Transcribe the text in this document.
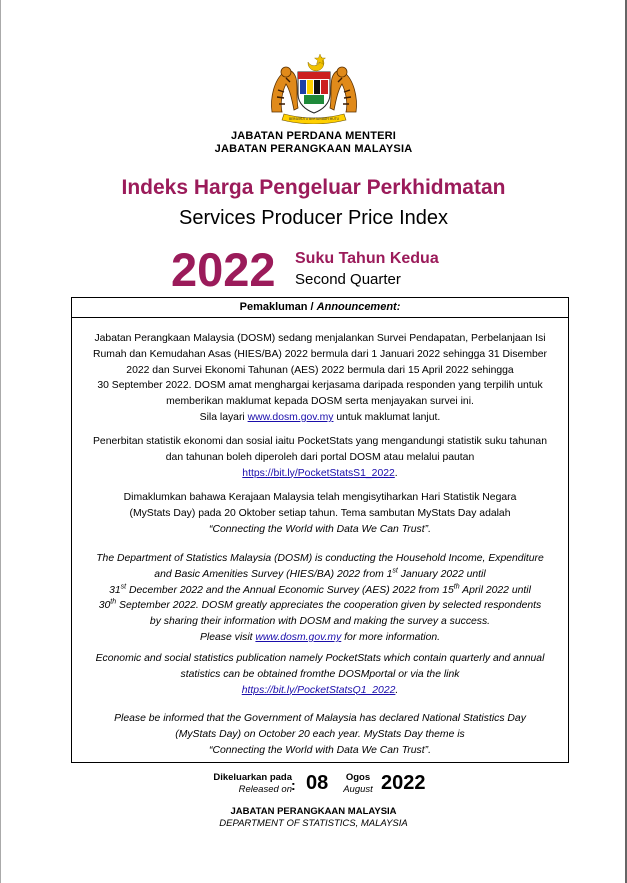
BERSEKUTU BERTAMBAH MUTU
JABATAN PERDANA MENTERI
JABATAN PERANGKAAN MALAYSIA
Indeks Harga Pengeluar Perkhidmatan
Services Producer Price Index
2022 Suku Tahun Kedua
Second Quarter
Pemakluman / Announcement:
Jabatan Perangkaan Malaysia (DOSM) sedang menjalankan Survei Pendapatan, Perbelanjaan Isi
Rumah dan Kemudahan Asas (HIES/BA) 2022 bermula dari 1 Januari 2022 sehingga 31 Disember
2022 dan Survei Ekonomi Tahunan (AES) 2022 bermula dari 15 April 2022 sehingga
30 September 2022. DOSM amat menghargai kerjasama daripada responden yang terpilih untuk
memberikan maklumat kepada DOSM serta menjayakan survei ini.
Sila layari www.dosm.gov.my untuk maklumat lanjut.
Penerbitan statistik ekonomi dan sosial iaitu PocketStats yang mengandungi statistik suku tahunan
dan tahunan boleh diperoleh dari portal DOSM atau melalui pautan
https://bit.ly/PocketStatsS1_2022.
Dimaklumkan bahawa Kerajaan Malaysia telah mengisytiharkan Hari Statistik Negara
(MyStats Day) pada 20 Oktober setiap tahun. Tema sambutan MyStats Day adalah
“Connecting the World with Data We Can Trust”.
The Department of Statistics Malaysia (DOSM) is conducting the Household Income, Expenditure
and Basic Amenities Survey (HIES/BA) 2022 from 1st January 2022 until
31st December 2022 and the Annual Economic Survey (AES) 2022 from 15th April 2022 until
30th September 2022. DOSM greatly appreciates the cooperation given by selected respondents
by sharing their information with DOSM and making the survey a success.
Please visit www.dosm.gov.my for more information.
Economic and social statistics publication namely PocketStats which contain quarterly and annual
statistics can be obtained fromthe DOSMportal or via the link
https://bit.ly/PocketStatsQ1_2022.
Please be informed that the Government of Malaysia has declared National Statistics Day
(MyStats Day) on October 20 each year. MyStats Day theme is
“Connecting the World with Data We Can Trust”.
Dikeluarkan pada
Released on : 08	Ogos
August 2022
JABATAN PERANGKAAN MALAYSIA
DEPARTMENT OF STATISTICS, MALAYSIA
